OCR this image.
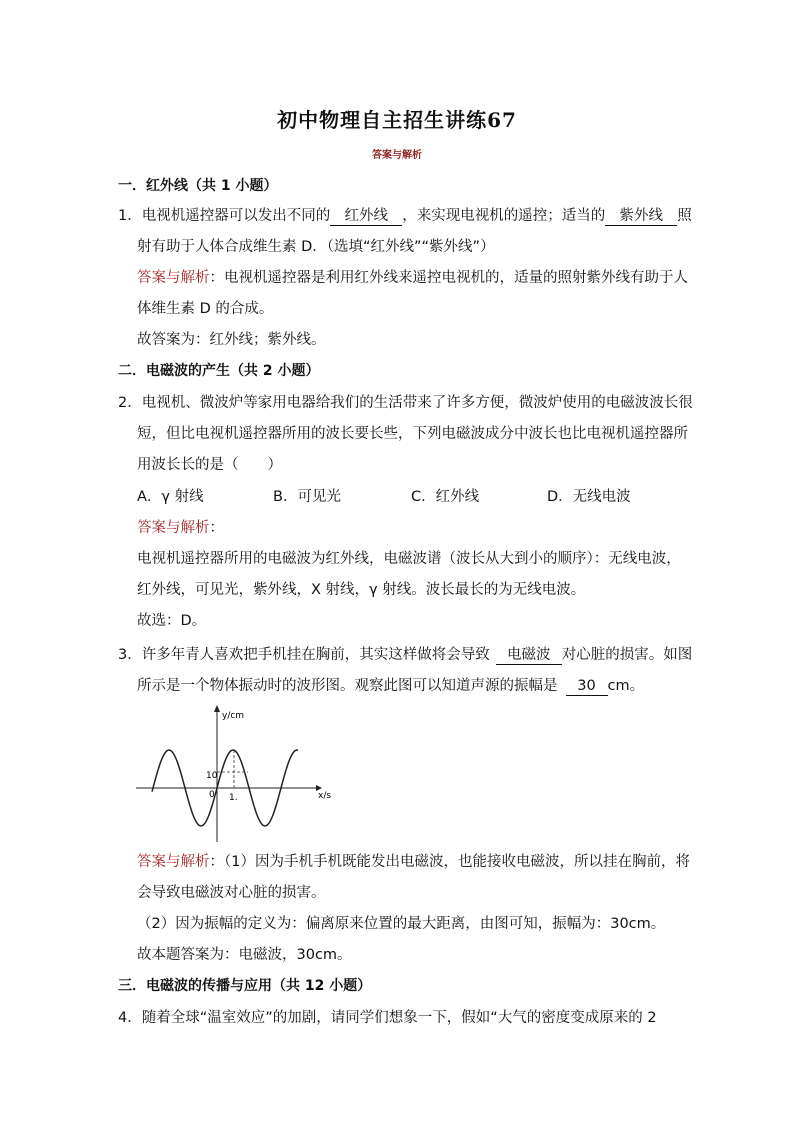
初中物理自主招生讲练67
答案与解析
一．红外线（共 1 小题）
1．电视机遥控器可以发出不同的 红外线 ，来实现电视机的遥控；适当的 紫外线 照
射有助于人体合成维生素 D．（选填“红外线”“紫外线”）
答案与解析：电视机遥控器是利用红外线来遥控电视机的，适量的照射紫外线有助于人
体维生素 D 的合成。
故答案为：红外线；紫外线。
二．电磁波的产生（共 2 小题）
2．电视机、微波炉等家用电器给我们的生活带来了许多方便，微波炉使用的电磁波波长很
短，但比电视机遥控器所用的波长要长些，下列电磁波成分中波长也比电视机遥控器所
用波长长的是（　　）
A．γ 射线	B．可见光	C．红外线	D．无线电波
答案与解析：
电视机遥控器所用的电磁波为红外线，电磁波谱（波长从大到小的顺序）：无线电波，
红外线，可见光，紫外线，X 射线，γ 射线。波长最长的为无线电波。
故选：D。
3．许多年青人喜欢把手机挂在胸前，其实这样做将会导致 电磁波 对心脏的损害。如图
所示是一个物体振动时的波形图。观察此图可以知道声源的振幅是 30 cm。
y/cm
x/s
10
0 1.
答案与解析：（1）因为手机手机既能发出电磁波，也能接收电磁波，所以挂在胸前，将
会导致电磁波对心脏的损害。
（2）因为振幅的定义为：偏离原来位置的最大距离，由图可知，振幅为：30cm。
故本题答案为：电磁波，30cm。
三．电磁波的传播与应用（共 12 小题）
4．随着全球“温室效应”的加剧，请同学们想象一下，假如“大气的密度变成原来的 2
